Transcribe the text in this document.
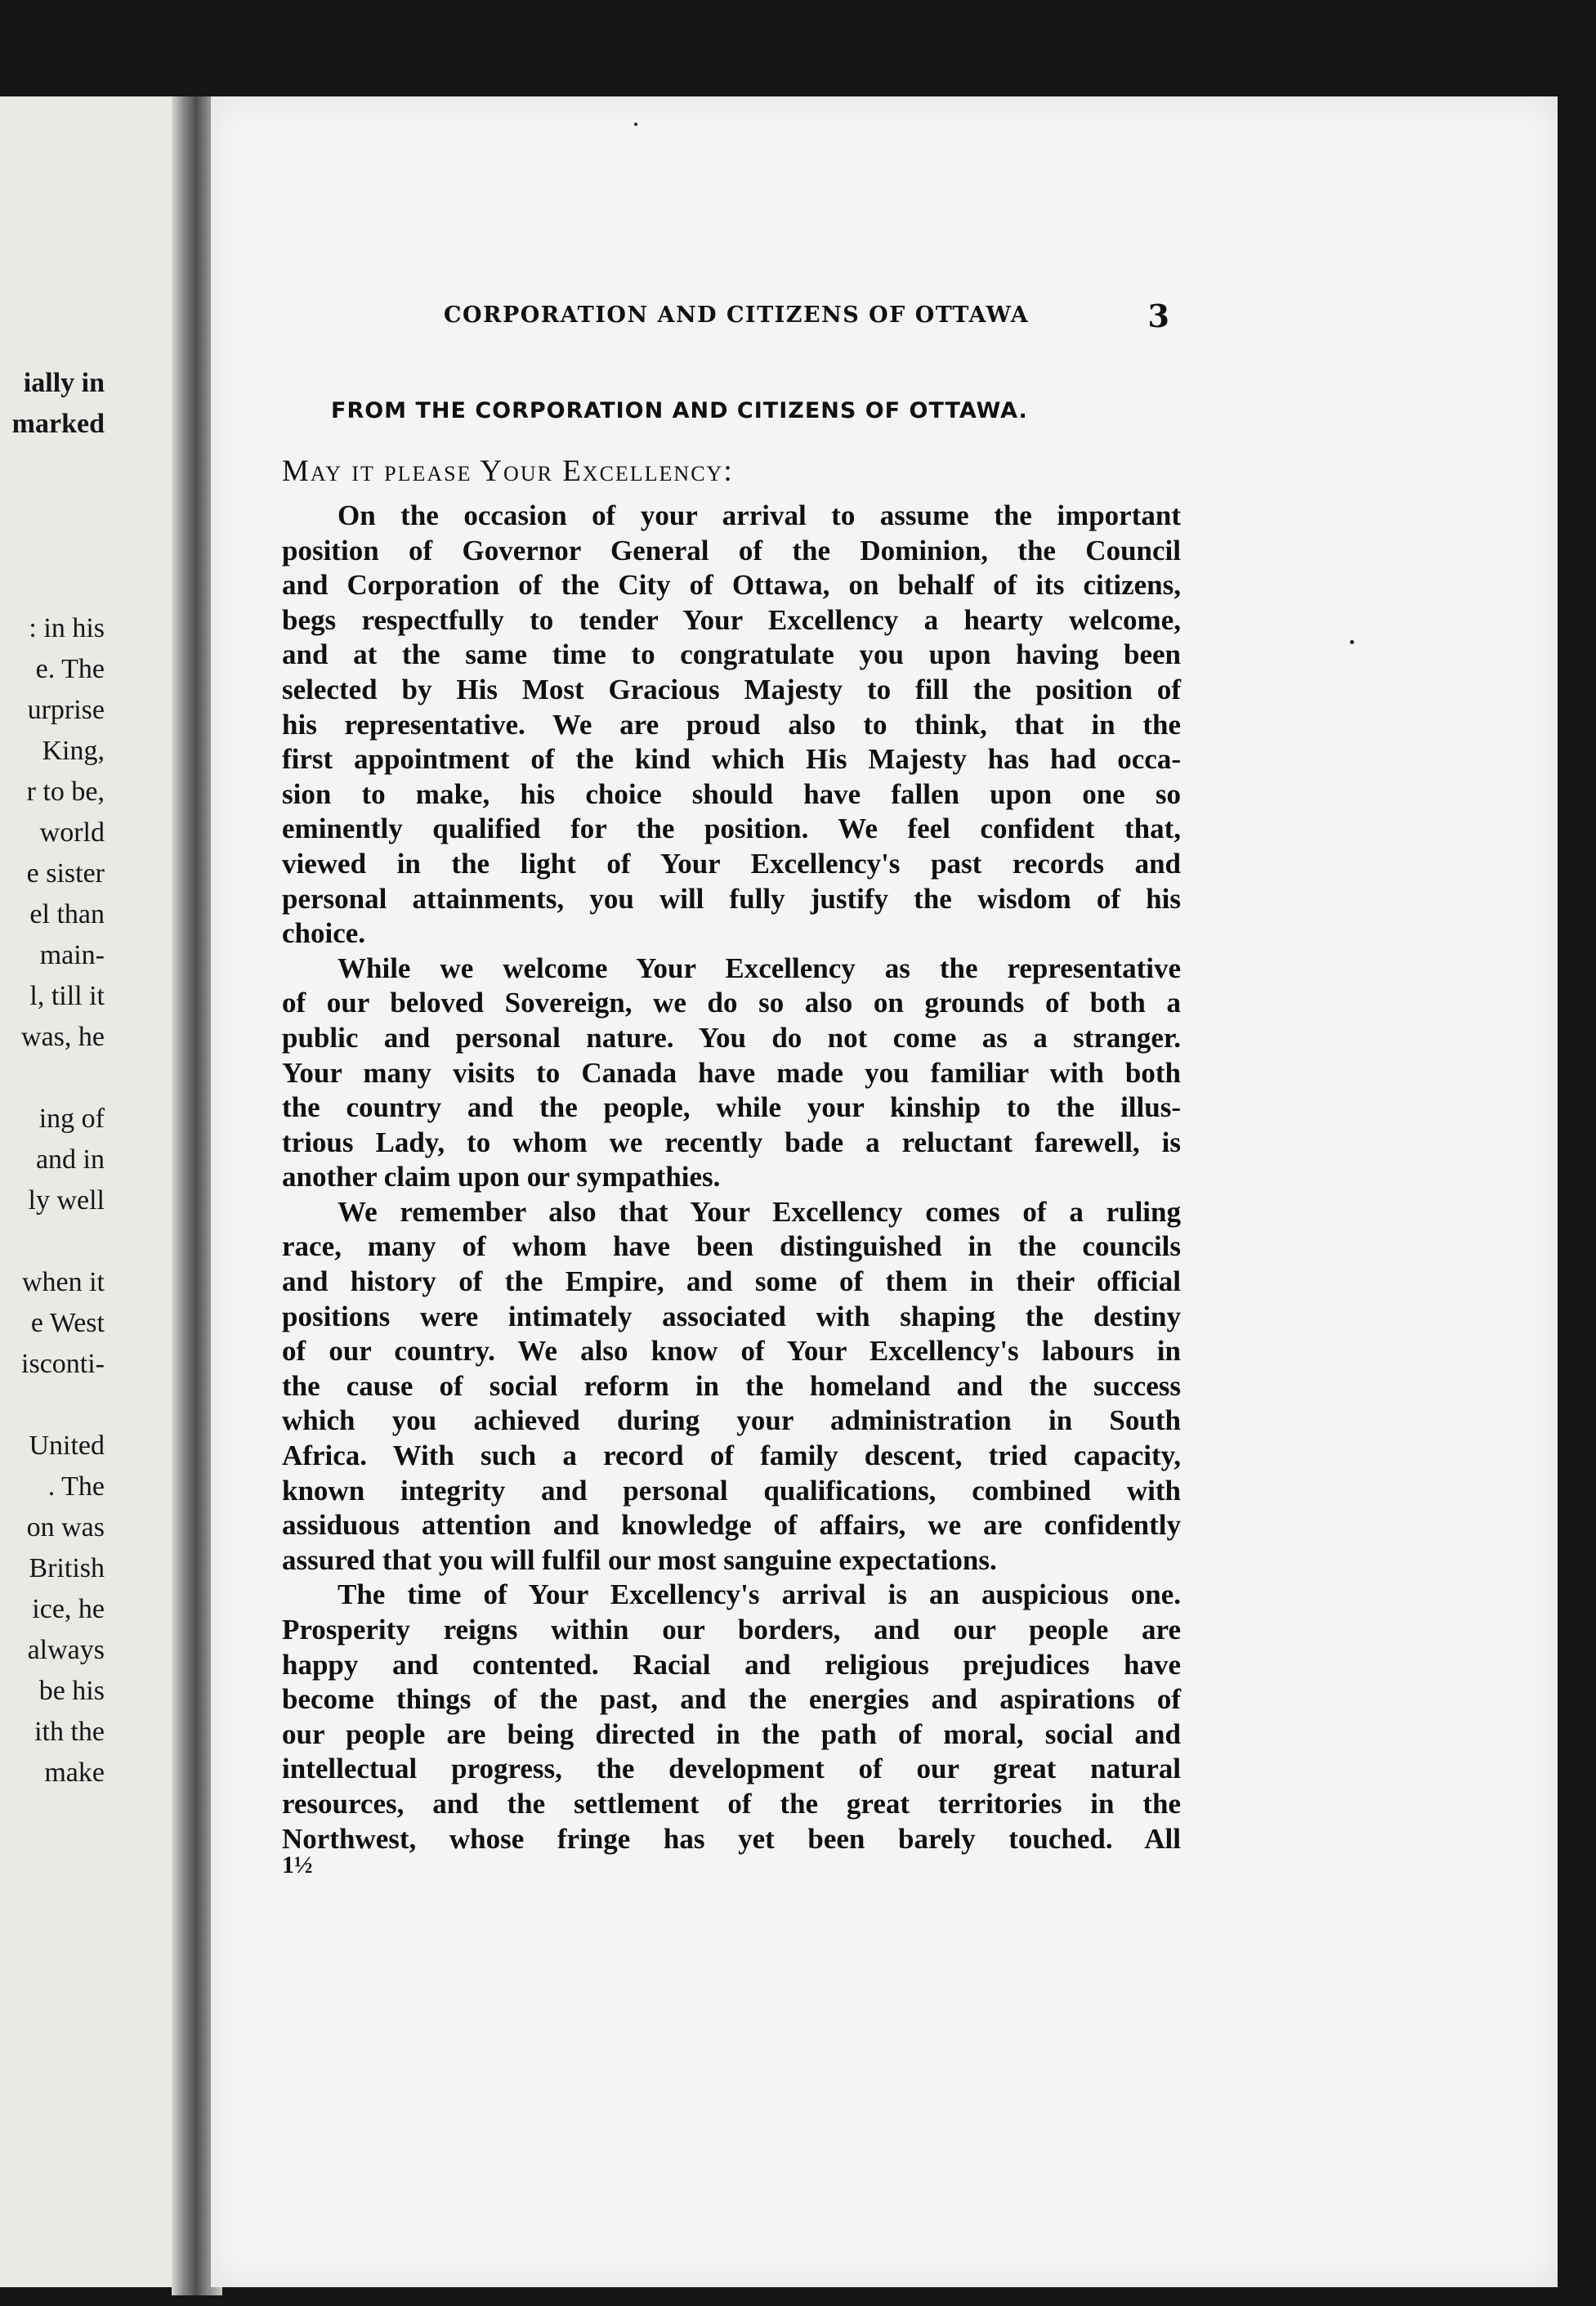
ially in
marked
: in his
e. The
urprise
King,
r to be,
world
e sister
el than
main-
l, till it
was, he
ing of
and in
ly well
when it
e West
isconti-
United
. The
on was
British
ice, he
always
be his
ith the
make
CORPORATION AND CITIZENS OF OTTAWA	3
FROM THE CORPORATION AND CITIZENS OF OTTAWA.
May it please Your Excellency:
On the occasion of your arrival to assume the important
position of Governor General of the Dominion, the Council
and Corporation of the City of Ottawa, on behalf of its citizens,
begs respectfully to tender Your Excellency a hearty welcome,
and at the same time to congratulate you upon having been
selected by His Most Gracious Majesty to fill the position of
his representative. We are proud also to think, that in the
first appointment of the kind which His Majesty has had occa-
sion to make, his choice should have fallen upon one so
eminently qualified for the position. We feel confident that,
viewed in the light of Your Excellency's past records and
personal attainments, you will fully justify the wisdom of his
choice.
While we welcome Your Excellency as the representative
of our beloved Sovereign, we do so also on grounds of both a
public and personal nature. You do not come as a stranger.
Your many visits to Canada have made you familiar with both
the country and the people, while your kinship to the illus-
trious Lady, to whom we recently bade a reluctant farewell, is
another claim upon our sympathies.
We remember also that Your Excellency comes of a ruling
race, many of whom have been distinguished in the councils
and history of the Empire, and some of them in their official
positions were intimately associated with shaping the destiny
of our country. We also know of Your Excellency's labours in
the cause of social reform in the homeland and the success
which you achieved during your administration in South
Africa. With such a record of family descent, tried capacity,
known integrity and personal qualifications, combined with
assiduous attention and knowledge of affairs, we are confidently
assured that you will fulfil our most sanguine expectations.
The time of Your Excellency's arrival is an auspicious one.
Prosperity reigns within our borders, and our people are
happy and contented. Racial and religious prejudices have
become things of the past, and the energies and aspirations of
our people are being directed in the path of moral, social and
intellectual progress, the development of our great natural
resources, and the settlement of the great territories in the
Northwest, whose fringe has yet been barely touched. All
1½
